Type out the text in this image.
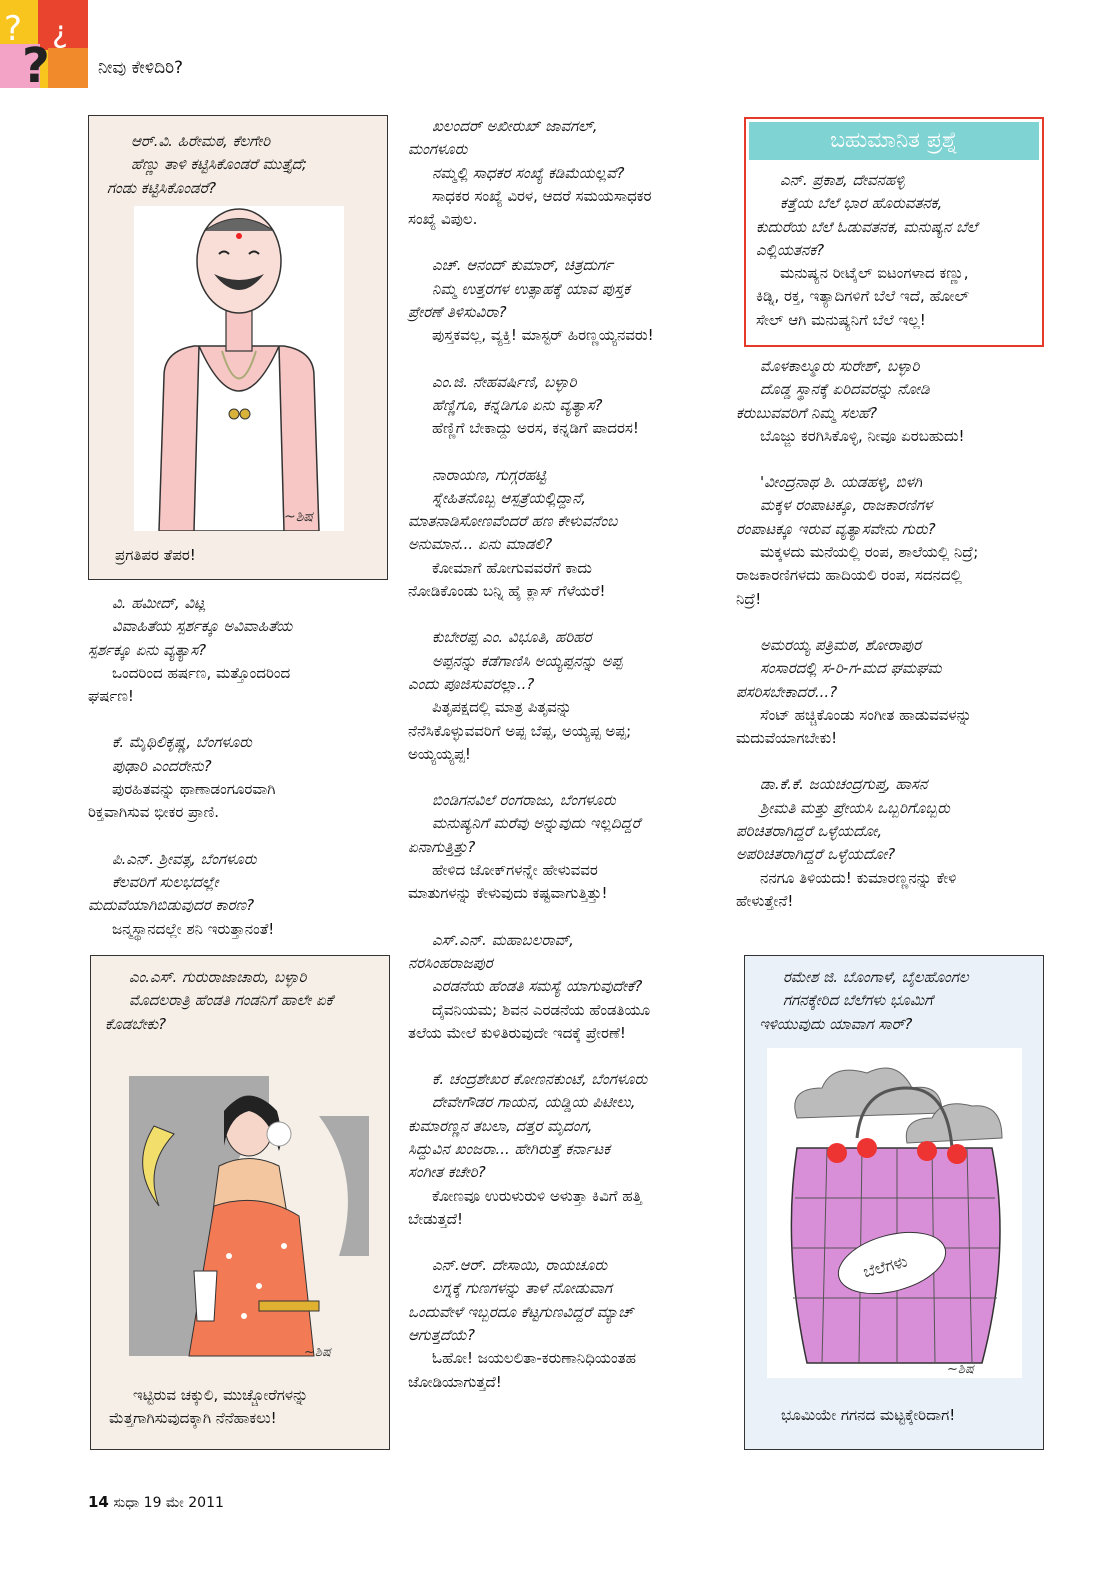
?
?
¿
ನೀವು ಕೇಳಿದಿರಿ?

ಆರ್.ವಿ. ಹಿರೇಮಠ, ಕೆಲಗೇರಿ

ಹೆಣ್ಣು ತಾಳಿ ಕಟ್ಟಿಸಿಕೊಂಡರೆ ಮುತ್ತೈದೆ;

ಗಂಡು ಕಟ್ಟಿಸಿಕೊಂಡರೆ?

~ಶಿಷ
ಪ್ರಗತಿಪರ ತೆಪರ!

ವಿ. ಹಮೀದ್, ವಿಟ್ಲ

ವಿವಾಹಿತೆಯ ಸ್ಪರ್ಶಕ್ಕೂ ಅವಿವಾಹಿತೆಯ

ಸ್ಪರ್ಶಕ್ಕೂ ಏನು ವ್ಯತ್ಯಾಸ?

ಒಂದರಿಂದ ಹರ್ಷಣ, ಮತ್ತೊಂದರಿಂದ

ಘರ್ಷಣ!

ಕೆ. ಮೈಥಿಲಿಕೃಷ್ಣ, ಬೆಂಗಳೂರು

ಪುಢಾರಿ ಎಂದರೇನು?

ಪುರಹಿತವನ್ನು ಥಾಣಾಡಂಗೂರವಾಗಿ

ರಿಕ್ತವಾಗಿಸುವ ಭೀಕರ ಪ್ರಾಣಿ.

ಪಿ.ಎನ್. ಶ್ರೀವತ್ಸ, ಬೆಂಗಳೂರು

ಕೆಲವರಿಗೆ ಸುಲಭದಲ್ಲೇ

ಮದುವೆಯಾಗಿಬಿಡುವುದರ ಕಾರಣ?

ಜನ್ಮಸ್ಥಾನದಲ್ಲೇ ಶನಿ ಇರುತ್ತಾನಂತೆ!

ಎಂ.ಎಸ್. ಗುರುರಾಜಾಚಾರು, ಬಳ್ಳಾರಿ

ಮೊದಲರಾತ್ರಿ ಹೆಂಡತಿ ಗಂಡನಿಗೆ ಹಾಲೇ ಏಕೆ

ಕೊಡಬೇಕು?

~ಶಿಷ
ಇಟ್ಟಿರುವ ಚಕ್ಕುಲಿ, ಮುಚ್ಚೋರೆಗಳನ್ನು
ಮೆತ್ತಗಾಗಿಸುವುದಕ್ಕಾಗಿ ನೆನೆಹಾಕಲು!

ಖಲಂದರ್ ಅಖೀರುಖ್ ಜಾವಗಲ್,

ಮಂಗಳೂರು

ನಮ್ಮಲ್ಲಿ ಸಾಧಕರ ಸಂಖ್ಯೆ ಕಡಿಮೆಯಲ್ಲವೆ?

ಸಾಧಕರ ಸಂಖ್ಯೆ ವಿರಳ, ಆದರೆ ಸಮಯಸಾಧಕರ

ಸಂಖ್ಯೆ ವಿಪುಲ.

ಎಚ್. ಆನಂದ್ ಕುಮಾರ್, ಚಿತ್ರದುರ್ಗ

ನಿಮ್ಮ ಉತ್ತರಗಳ ಉತ್ಸಾಹಕ್ಕೆ ಯಾವ ಪುಸ್ತಕ

ಪ್ರೇರಣೆ ತಿಳಿಸುವಿರಾ?

ಪುಸ್ತಕವಲ್ಲ, ವ್ಯಕ್ತಿ! ಮಾಸ್ಟರ್ ಹಿರಣ್ಣಯ್ಯನವರು!

ಎಂ.ಜಿ. ನೇಹವರ್ಷಿಣಿ, ಬಳ್ಳಾರಿ

ಹೆಣ್ಣಿಗೂ, ಕನ್ನಡಿಗೂ ಏನು ವ್ಯತ್ಯಾಸ?

ಹೆಣ್ಣಿಗೆ ಬೇಕಾದ್ದು ಅರಸ, ಕನ್ನಡಿಗೆ ಪಾದರಸ!

ನಾರಾಯಣ, ಗುಗ್ಗರಹಟ್ಟಿ

ಸ್ನೇಹಿತನೊಬ್ಬ ಆಸ್ಪತ್ರೆಯಲ್ಲಿದ್ದಾನೆ,

ಮಾತನಾಡಿಸೋಣವೆಂದರೆ ಹಣ ಕೇಳುವನೆಂಬ

ಅನುಮಾನ... ಏನು ಮಾಡಲಿ?

ಕೋಮಾಗೆ ಹೋಗುವವರೆಗೆ ಕಾದು

ನೋಡಿಕೊಂಡು ಬನ್ನಿ ಹೈ ಕ್ಲಾಸ್ ಗೆಳೆಯರೆ!

ಕುಬೇರಪ್ಪ ಎಂ. ವಿಭೂತಿ, ಹರಿಹರ

ಅಪ್ಪನನ್ನು ಕಡೆಗಾಣಿಸಿ ಅಯ್ಯಪ್ಪನನ್ನು ಅಪ್ಪ

ಎಂದು ಪೂಜಿಸುವರಲ್ಲಾ..?

ಪಿತೃಪಕ್ಷದಲ್ಲಿ ಮಾತ್ರ ಪಿತೃವನ್ನು

ನೆನೆಸಿಕೊಳ್ಳುವವರಿಗೆ ಅಪ್ಪ ಬೆಪ್ಪ, ಅಯ್ಯಪ್ಪ ಅಪ್ಪ;

ಅಯ್ಯಯ್ಯಪ್ಪ!

ಬಿಂಡಿಗನವಿಲೆ ರಂಗರಾಜು, ಬೆಂಗಳೂರು

ಮನುಷ್ಯನಿಗೆ ಮರೆವು ಅನ್ನುವುದು ಇಲ್ಲದಿದ್ದರೆ

ಏನಾಗುತ್ತಿತ್ತು?

ಹೇಳಿದ ಜೋಕ್‌ಗಳನ್ನೇ ಹೇಳುವವರ

ಮಾತುಗಳನ್ನು ಕೇಳುವುದು ಕಷ್ಟವಾಗುತ್ತಿತ್ತು!

ಎಸ್.ಎನ್. ಮಹಾಬಲರಾವ್,

ನರಸಿಂಹರಾಜಪುರ

ಎರಡನೆಯ ಹೆಂಡತಿ ಸಮಸ್ಯೆ ಯಾಗುವುದೇಕೆ?

ದೈವನಿಯಮ; ಶಿವನ ಎರಡನೆಯ ಹೆಂಡತಿಯೂ

ತಲೆಯ ಮೇಲೆ ಕುಳಿತಿರುವುದೇ ಇದಕ್ಕೆ ಪ್ರೇರಣೆ!

ಕೆ. ಚಂದ್ರಶೇಖರ ಕೋಣನಕುಂಟೆ, ಬೆಂಗಳೂರು

ದೇವೇಗೌಡರ ಗಾಯನ, ಯಡ್ಡಿಯ ಪಿಟೀಲು,

ಕುಮಾರಣ್ಣನ ತಬಲಾ, ದತ್ತರ ಮೃದಂಗ,

ಸಿದ್ದುವಿನ ಖಂಜರಾ... ಹೇಗಿರುತ್ತೆ ಕರ್ನಾಟಕ

ಸಂಗೀತ ಕಚೇರಿ?

ಕೋಣವೂ ಉರುಳುರುಳಿ ಅಳುತ್ತಾ ಕಿವಿಗೆ ಹತ್ತಿ

ಬೇಡುತ್ತದೆ!

ಎನ್.ಆರ್. ದೇಸಾಯಿ, ರಾಯಚೂರು

ಲಗ್ನಕ್ಕೆ ಗುಣಗಳನ್ನು ತಾಳೆ ನೋಡುವಾಗ

ಒಂದುವೇಳೆ ಇಬ್ಬರದೂ ಕೆಟ್ಟಗುಣವಿದ್ದರೆ ಮ್ಯಾಚ್

ಆಗುತ್ತದೆಯೆ?

ಓಹೋ! ಜಯಲಲಿತಾ-ಕರುಣಾನಿಧಿಯಂತಹ

ಜೋಡಿಯಾಗುತ್ತದೆ!

ಬಹುಮಾನಿತ ಪ್ರಶ್ನೆ

ಎನ್. ಪ್ರಕಾಶ, ದೇವನಹಳ್ಳಿ

ಕತ್ತೆಯ ಬೆಲೆ ಭಾರ ಹೊರುವತನಕ,

ಕುದುರೆಯ ಬೆಲೆ ಓಡುವತನಕ, ಮನುಷ್ಯನ ಬೆಲೆ

ಎಲ್ಲಿಯತನಕ?

ಮನುಷ್ಯನ ರೀಟೈಲ್ ಐಟಂಗಳಾದ ಕಣ್ಣು,

ಕಿಡ್ನಿ, ರಕ್ತ, ಇತ್ಯಾದಿಗಳಿಗೆ ಬೆಲೆ ಇದೆ, ಹೋಲ್

ಸೇಲ್ ಆಗಿ ಮನುಷ್ಯನಿಗೆ ಬೆಲೆ ಇಲ್ಲ!

ಮೊಳಕಾಲ್ಮೂರು ಸುರೇಶ್, ಬಳ್ಳಾರಿ

ದೊಡ್ಡ ಸ್ಥಾನಕ್ಕೆ ಏರಿದವರನ್ನು ನೋಡಿ

ಕರುಬುವವರಿಗೆ ನಿಮ್ಮ ಸಲಹೆ?

ಬೊಜ್ಜು ಕರಗಿಸಿಕೊಳ್ಳಿ, ನೀವೂ ಏರಬಹುದು!

'ವೀಂದ್ರನಾಥ ಶಿ. ಯಡಹಳ್ಳಿ, ಬಿಳಗಿ

ಮಕ್ಕಳ ರಂಪಾಟಕ್ಕೂ, ರಾಜಕಾರಣಿಗಳ

ರಂಪಾಟಕ್ಕೂ ಇರುವ ವ್ಯತ್ಯಾಸವೇನು ಗುರು?

ಮಕ್ಕಳದು ಮನೆಯಲ್ಲಿ ರಂಪ, ಶಾಲೆಯಲ್ಲಿ ನಿದ್ರೆ;

ರಾಜಕಾರಣಿಗಳದು ಹಾದಿಯಲಿ ರಂಪ, ಸದನದಲ್ಲಿ

ನಿದ್ರೆ!

ಅಮರಯ್ಯ ಪತ್ರಿಮಠ, ಶೋರಾಪುರ

ಸಂಸಾರದಲ್ಲಿ ಸ-ರಿ-ಗ-ಮದ ಘಮಘಮ

ಪಸರಿಸಬೇಕಾದರೆ...?

ಸೆಂಟ್ ಹಚ್ಚಿಕೊಂಡು ಸಂಗೀತ ಹಾಡುವವಳನ್ನು

ಮದುವೆಯಾಗಬೇಕು!

ಡಾ.ಕೆ.ಕೆ. ಜಯಚಂದ್ರಗುಪ್ತ, ಹಾಸನ

ಶ್ರೀಮತಿ ಮತ್ತು ಪ್ರೇಯಸಿ ಒಬ್ಬರಿಗೊಬ್ಬರು

ಪರಿಚಿತರಾಗಿದ್ದರೆ ಒಳ್ಳೆಯದೋ,

ಅಪರಿಚಿತರಾಗಿದ್ದರೆ ಒಳ್ಳೆಯದೋ?

ನನಗೂ ತಿಳಿಯದು! ಕುಮಾರಣ್ಣನನ್ನು ಕೇಳಿ

ಹೇಳುತ್ತೇನೆ!

ರಮೇಶ ಜಿ. ಬೊಂಗಾಳೆ, ಬೈಲಹೊಂಗಲ

ಗಗನಕ್ಕೇರಿದ ಬೆಲೆಗಳು ಭೂಮಿಗೆ

ಇಳಿಯುವುದು ಯಾವಾಗ ಸಾರ್?

ಬೆಲೆಗಳು
~ಶಿಷ
ಭೂಮಿಯೇ ಗಗನದ ಮಟ್ಟಕ್ಕೇರಿದಾಗ!
14 ಸುಧಾ 19 ಮೇ 2011
